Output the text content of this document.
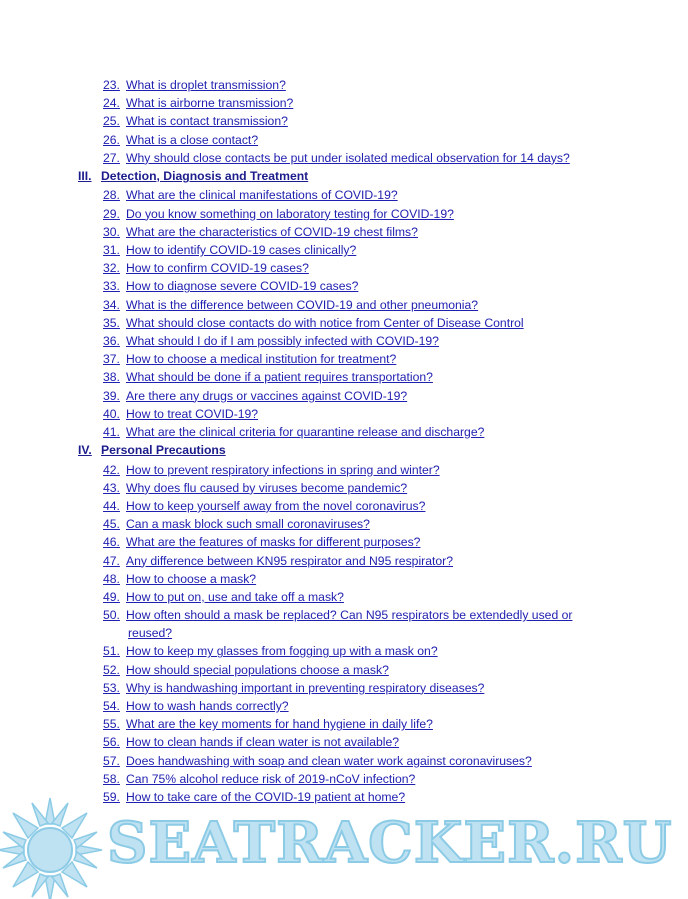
23. What is droplet transmission?
24. What is airborne transmission?
25. What is contact transmission?
26. What is a close contact?
27. Why should close contacts be put under isolated medical observation for 14 days?
III. Detection, Diagnosis and Treatment
28. What are the clinical manifestations of COVID-19?
29. Do you know something on laboratory testing for COVID-19?
30. What are the characteristics of COVID-19 chest films?
31. How to identify COVID-19 cases clinically?
32. How to confirm COVID-19 cases?
33. How to diagnose severe COVID-19 cases?
34. What is the difference between COVID-19 and other pneumonia?
35. What should close contacts do with notice from Center of Disease Control
36. What should I do if I am possibly infected with COVID-19?
37. How to choose a medical institution for treatment?
38. What should be done if a patient requires transportation?
39. Are there any drugs or vaccines against COVID-19?
40. How to treat COVID-19?
41. What are the clinical criteria for quarantine release and discharge?
IV. Personal Precautions
42. How to prevent respiratory infections in spring and winter?
43. Why does flu caused by viruses become pandemic?
44. How to keep yourself away from the novel coronavirus?
45. Can a mask block such small coronaviruses?
46. What are the features of masks for different purposes?
47. Any difference between KN95 respirator and N95 respirator?
48. How to choose a mask?
49. How to put on, use and take off a mask?
50. How often should a mask be replaced? Can N95 respirators be extendedly used or
reused?
51. How to keep my glasses from fogging up with a mask on?
52. How should special populations choose a mask?
53. Why is handwashing important in preventing respiratory diseases?
54. How to wash hands correctly?
55. What are the key moments for hand hygiene in daily life?
56. How to clean hands if clean water is not available?
57. Does handwashing with soap and clean water work against coronaviruses?
58. Can 75% alcohol reduce risk of 2019-nCoV infection?
59. How to take care of the COVID-19 patient at home?
SEATRACKER.RU
